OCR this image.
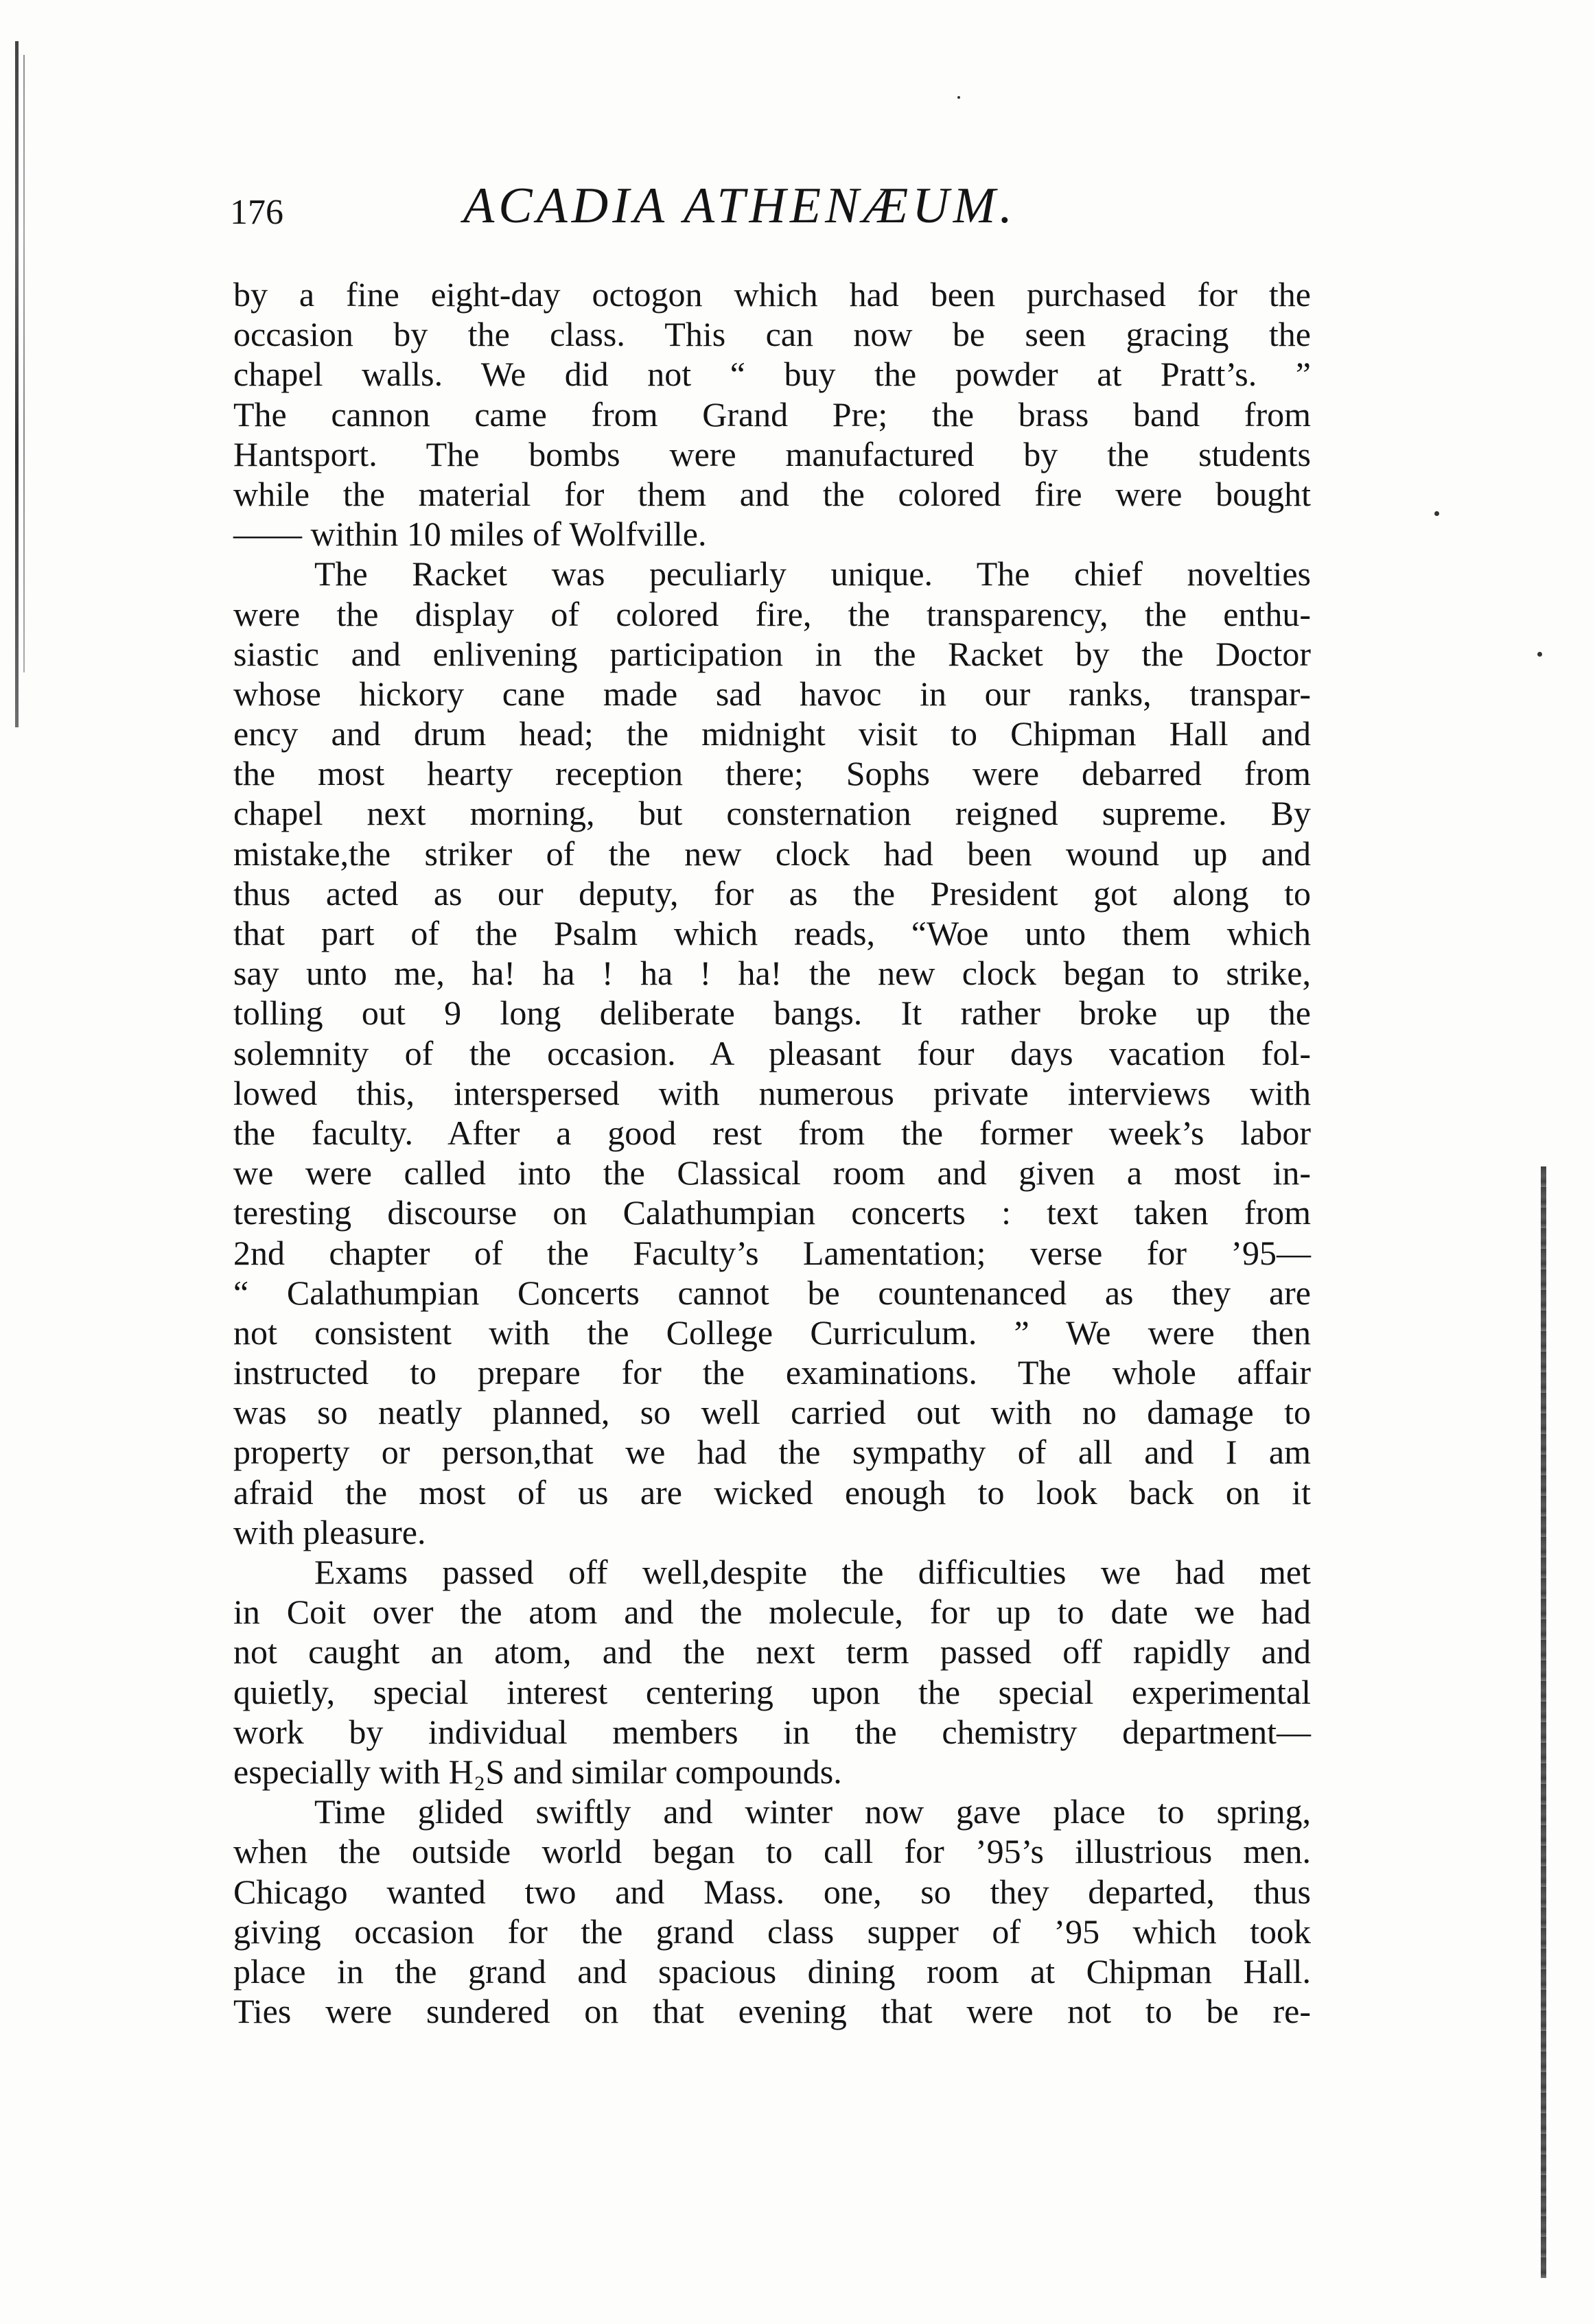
176	ACADIA ATHENÆUM.
by a fine eight-day octogon which had been purchased for the
occasion by the class. This can now be seen gracing the
chapel walls. We did not “ buy the powder at Pratt’s. ”
The cannon came from Grand Pre; the brass band from
Hantsport. The bombs were manufactured by the students
while the material for them and the colored fire were bought
—— within 10 miles of Wolfville.
The Racket was peculiarly unique. The chief novelties
were the display of colored fire, the transparency, the enthu-
siastic and enlivening participation in the Racket by the Doctor
whose hickory cane made sad havoc in our ranks, transpar-
ency and drum head; the midnight visit to Chipman Hall and
the most hearty reception there; Sophs were debarred from
chapel next morning, but consternation reigned supreme. By
mistake,the striker of the new clock had been wound up and
thus acted as our deputy, for as the President got along to
that part of the Psalm which reads, “Woe unto them which
say unto me, ha! ha ! ha ! ha! the new clock began to strike,
tolling out 9 long deliberate bangs. It rather broke up the
solemnity of the occasion. A pleasant four days vacation fol-
lowed this, interspersed with numerous private interviews with
the faculty. After a good rest from the former week’s labor
we were called into the Classical room and given a most in-
teresting discourse on Calathumpian concerts : text taken from
2nd chapter of the Faculty’s Lamentation; verse for ’95—
“ Calathumpian Concerts cannot be countenanced as they are
not consistent with the College Curriculum. ” We were then
instructed to prepare for the examinations. The whole affair
was so neatly planned, so well carried out with no damage to
property or person,that we had the sympathy of all and I am
afraid the most of us are wicked enough to look back on it
with pleasure.
Exams passed off well,despite the difficulties we had met
in Coit over the atom and the molecule, for up to date we had
not caught an atom, and the next term passed off rapidly and
quietly, special interest centering upon the special experimental
work by individual members in the chemistry department—
especially with H₂S and similar compounds.
Time glided swiftly and winter now gave place to spring,
when the outside world began to call for ’95’s illustrious men.
Chicago wanted two and Mass. one, so they departed, thus
giving occasion for the grand class supper of ’95 which took
place in the grand and spacious dining room at Chipman Hall.
Ties were sundered on that evening that were not to be re-
